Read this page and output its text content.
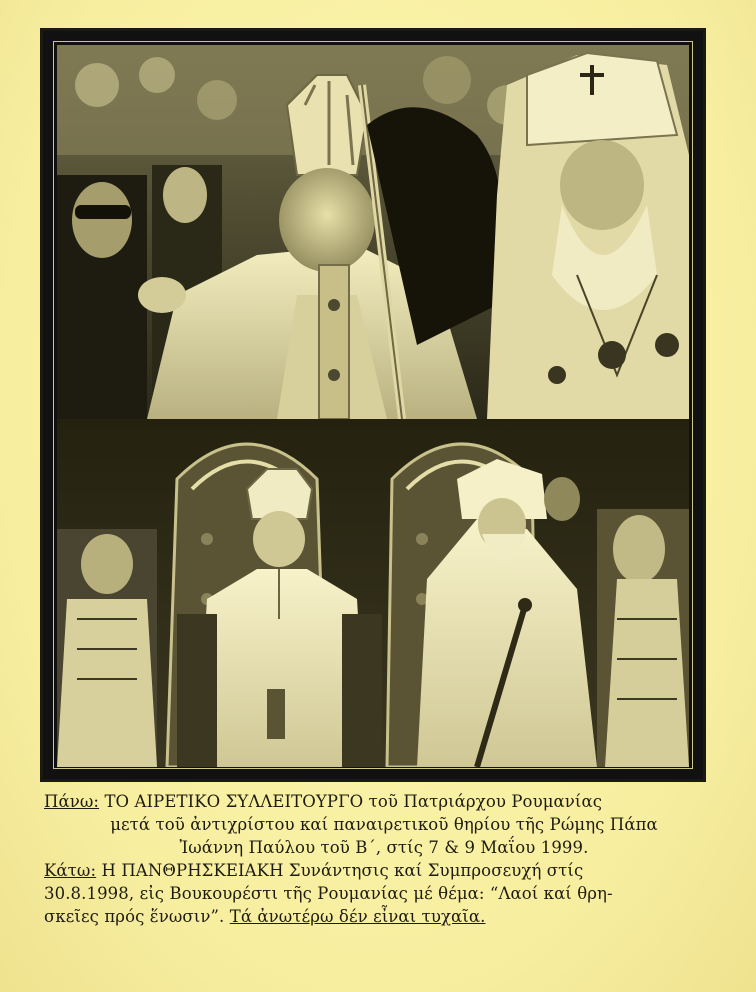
Πάνω: ΤΟ ΑΙΡΕΤΙΚΟ ΣΥΛΛΕΙΤΟΥΡΓΟ τοῦ Πατριάρχου Ρουμανίας

μετά τοῦ ἀντιχρίστου καί παναιρετικοῦ θηρίου τῆς Ρώμης Πάπα

Ἰωάννη Παύλου τοῦ Β΄, στίς 7 & 9 Μαΐου 1999.

Κάτω: Η ΠΑΝΘΡΗΣΚΕΙΑΚΗ Συνάντησις καί Συμπροσευχή στίς

30.8.1998, εἰς Βουκουρέστι τῆς Ρουμανίας μέ θέμα: “Λαοί καί θρη-

σκεῖες πρός ἕνωσιν”. Τά ἀνωτέρω δέν εἶναι τυχαῖα.
